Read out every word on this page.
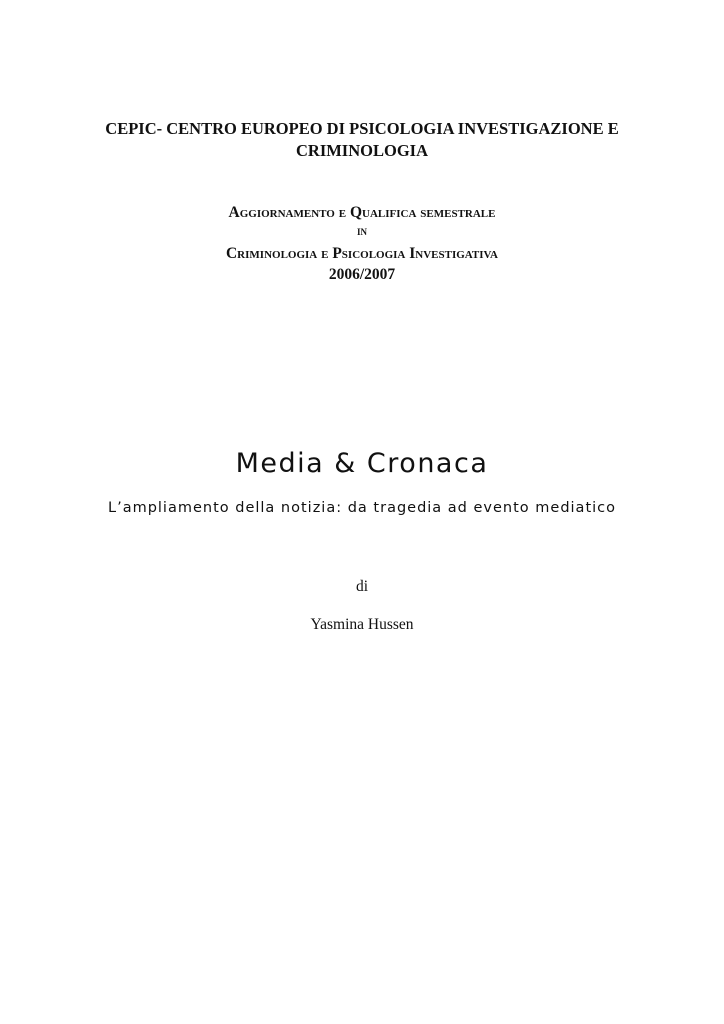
CEPIC- CENTRO EUROPEO DI PSICOLOGIA INVESTIGAZIONE E
CRIMINOLOGIA
Aggiornamento e Qualifica semestrale
in
Criminologia e Psicologia Investigativa
2006/2007
Media & Cronaca
L’ampliamento della notizia: da tragedia ad evento mediatico
di
Yasmina Hussen
